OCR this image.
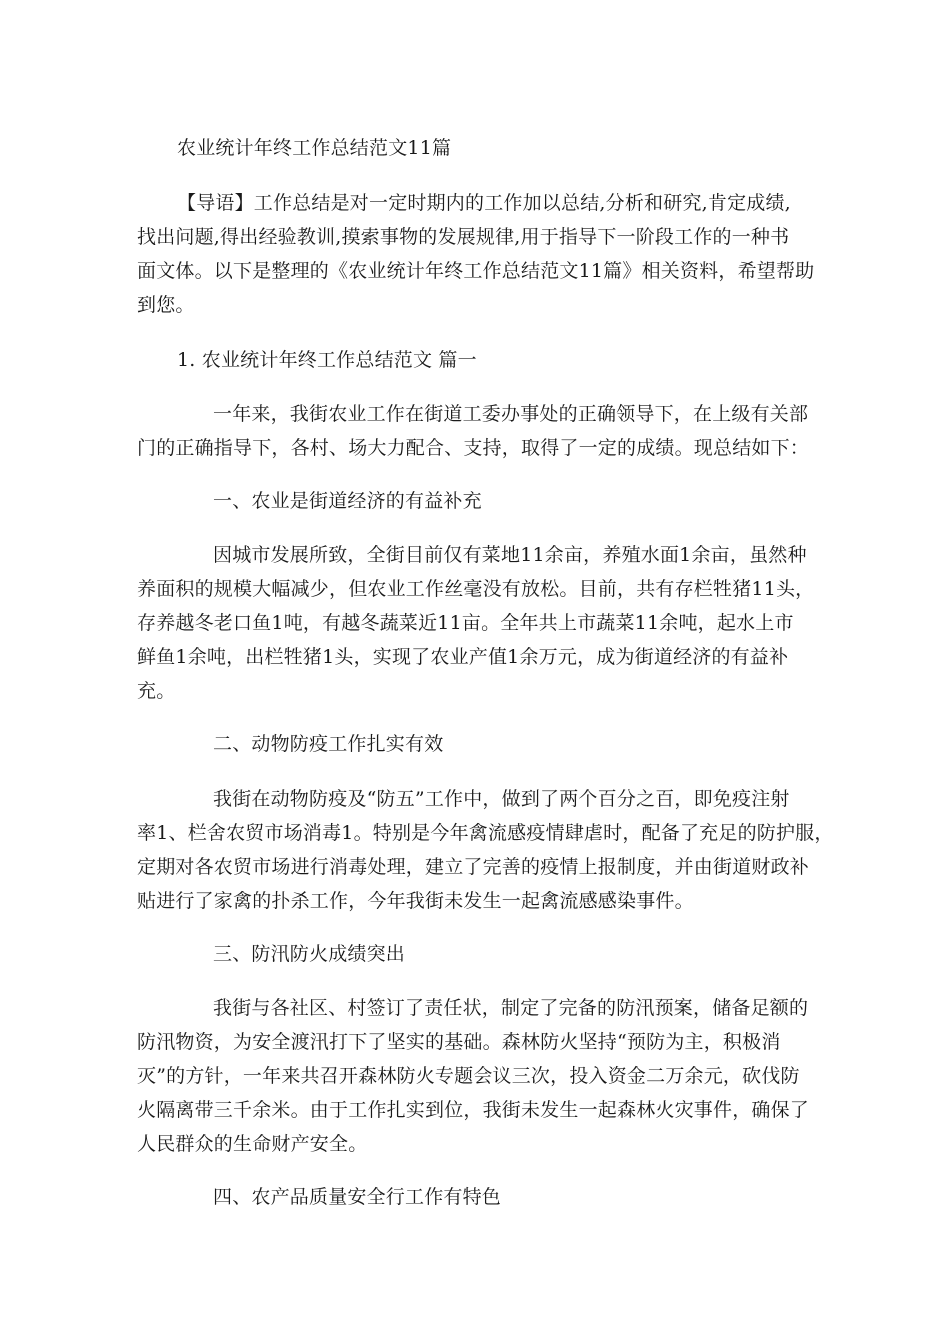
农业统计年终工作总结范文11篇
【导语】工作总结是对一定时期内的工作加以总结,分析和研究,肯定成绩,
找出问题,得出经验教训,摸索事物的发展规律,用于指导下一阶段工作的一种书
面文体。以下是整理的《农业统计年终工作总结范文11篇》相关资料，希望帮助
到您。
1. 农业统计年终工作总结范文 篇一
一年来，我街农业工作在街道工委办事处的正确领导下，在上级有关部
门的正确指导下，各村、场大力配合、支持，取得了一定的成绩。现总结如下：
一、农业是街道经济的有益补充
因城市发展所致，全街目前仅有菜地11余亩，养殖水面1余亩，虽然种
养面积的规模大幅减少，但农业工作丝毫没有放松。目前，共有存栏牲猪11头，
存养越冬老口鱼1吨，有越冬蔬菜近11亩。全年共上市蔬菜11余吨，起水上市
鲜鱼1余吨，出栏牲猪1头，实现了农业产值1余万元，成为街道经济的有益补
充。
二、动物防疫工作扎实有效
我街在动物防疫及“防五”工作中，做到了两个百分之百，即免疫注射
率1、栏舍农贸市场消毒1。特别是今年禽流感疫情肆虐时，配备了充足的防护服，
定期对各农贸市场进行消毒处理，建立了完善的疫情上报制度，并由街道财政补
贴进行了家禽的扑杀工作，今年我街未发生一起禽流感感染事件。
三、防汛防火成绩突出
我街与各社区、村签订了责任状，制定了完备的防汛预案，储备足额的
防汛物资，为安全渡汛打下了坚实的基础。森林防火坚持“预防为主，积极消
灭”的方针，一年来共召开森林防火专题会议三次，投入资金二万余元，砍伐防
火隔离带三千余米。由于工作扎实到位，我街未发生一起森林火灾事件，确保了
人民群众的生命财产安全。
四、农产品质量安全行工作有特色
